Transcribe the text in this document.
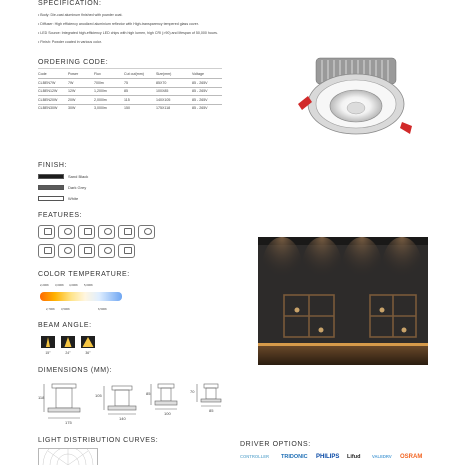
SPECIFICATION:
• Body: Die-cast aluminum finished with powder coat.
• Diffuser: High efficiency anodized aluminium reflector with High-transparency tempered glass cover.
• LED Source: Integrated high-efficiency LED chips with high lumen, high CRI (>90) and lifespan of 50,000 hours.
• Finish: Powder coated in various color.
ORDERING CODE:
Code	Power	Flux	Cut out(mm)	Size(mm)	Voltage
CLBEN7W	7W	700lm	75	85X70	85 - 265V
CLBEN12W	12W	1,200lm	85	100X85	85 - 265V
CLBEN20W	20W	2,000lm	115	140X105	85 - 265V
CLBEN30W	30W	3,000lm	150	175X118	85 - 265V
FINISH:
Sand Black
Dark Grey
White
FEATURES:
COLOR TEMPERATURE:
2,200K 3,000K 4,000K 5,000K
2,700K 3,500K	6,500K
BEAM ANGLE:
15°	24°	36°
DIMENSIONS (MM):
118
175
105
140
85
100
70
85
LIGHT DISTRIBUTION CURVES:
DRIVER OPTIONS:
CONTROLLER TRIDONIC PHILIPS Lifud	VALEDRV OSRAM
